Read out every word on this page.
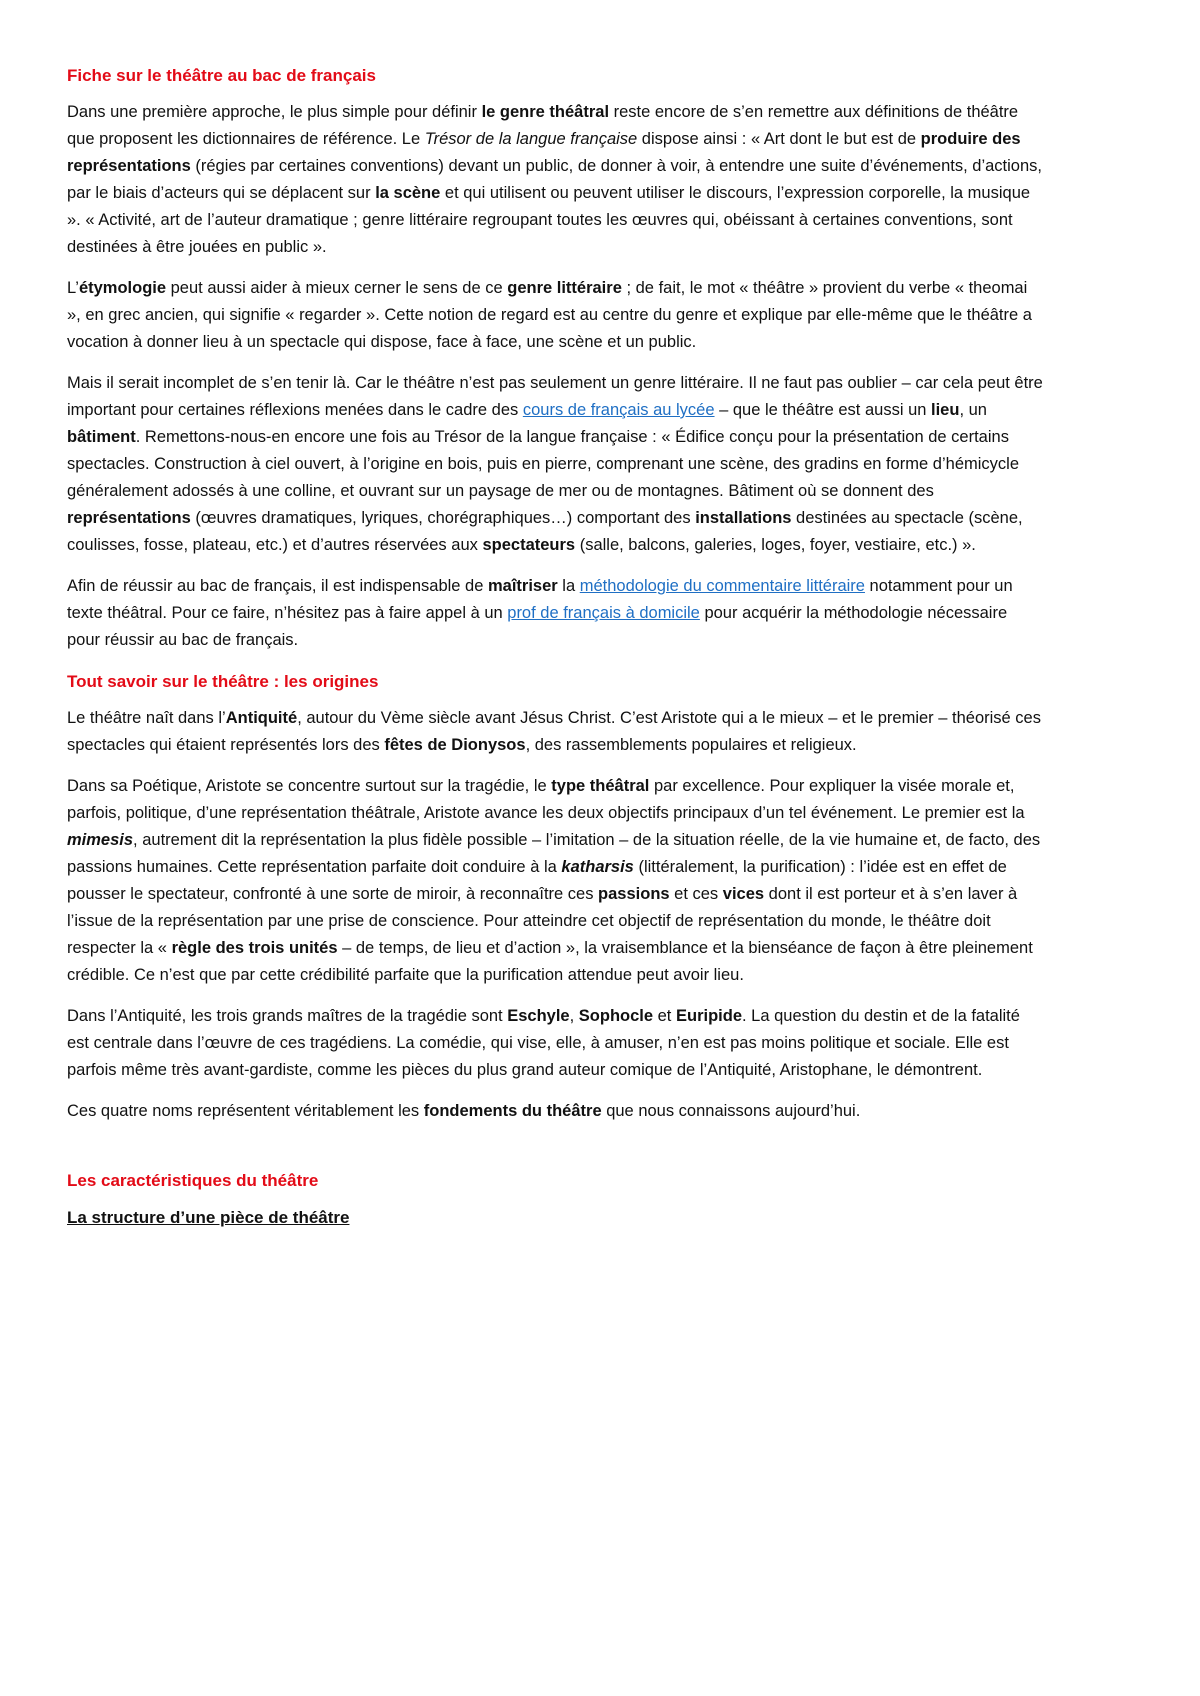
Fiche sur le théâtre au bac de français

Dans une première approche, le plus simple pour définir le genre théâtral reste encore de s’en remettre aux définitions de théâtre que proposent les dictionnaires de référence. Le Trésor de la langue française dispose ainsi : « Art dont le but est de produire des représentations (régies par certaines conventions) devant un public, de donner à voir, à entendre une suite d’événements, d’actions, par le biais d’acteurs qui se déplacent sur la scène et qui utilisent ou peuvent utiliser le discours, l’expression corporelle, la musique ». « Activité, art de l’auteur dramatique ; genre littéraire regroupant toutes les œuvres qui, obéissant à certaines conventions, sont destinées à être jouées en public ».

L’étymologie peut aussi aider à mieux cerner le sens de ce genre littéraire ; de fait, le mot « théâtre » provient du verbe « theomai », en grec ancien, qui signifie « regarder ». Cette notion de regard est au centre du genre et explique par elle-même que le théâtre a vocation à donner lieu à un spectacle qui dispose, face à face, une scène et un public.

Mais il serait incomplet de s’en tenir là. Car le théâtre n’est pas seulement un genre littéraire. Il ne faut pas oublier – car cela peut être important pour certaines réflexions menées dans le cadre des cours de français au lycée – que le théâtre est aussi un lieu, un bâtiment. Remettons-nous-en encore une fois au Trésor de la langue française : « Édifice conçu pour la présentation de certains spectacles. Construction à ciel ouvert, à l’origine en bois, puis en pierre, comprenant une scène, des gradins en forme d’hémicycle généralement adossés à une colline, et ouvrant sur un paysage de mer ou de montagnes. Bâtiment où se donnent des représentations (œuvres dramatiques, lyriques, chorégraphiques…) comportant des installations destinées au spectacle (scène, coulisses, fosse, plateau, etc.) et d’autres réservées aux spectateurs (salle, balcons, galeries, loges, foyer, vestiaire, etc.) ».

Afin de réussir au bac de français, il est indispensable de maîtriser la méthodologie du commentaire littéraire notamment pour un texte théâtral. Pour ce faire, n’hésitez pas à faire appel à un prof de français à domicile pour acquérir la méthodologie nécessaire pour réussir au bac de français.

Tout savoir sur le théâtre : les origines

Le théâtre naît dans l’Antiquité, autour du Vème siècle avant Jésus Christ. C’est Aristote qui a le mieux – et le premier – théorisé ces spectacles qui étaient représentés lors des fêtes de Dionysos, des rassemblements populaires et religieux.

Dans sa Poétique, Aristote se concentre surtout sur la tragédie, le type théâtral par excellence. Pour expliquer la visée morale et, parfois, politique, d’une représentation théâtrale, Aristote avance les deux objectifs principaux d’un tel événement. Le premier est la mimesis, autrement dit la représentation la plus fidèle possible – l’imitation – de la situation réelle, de la vie humaine et, de facto, des passions humaines. Cette représentation parfaite doit conduire à la katharsis (littéralement, la purification) : l’idée est en effet de pousser le spectateur, confronté à une sorte de miroir, à reconnaître ces passions et ces vices dont il est porteur et à s’en laver à l’issue de la représentation par une prise de conscience. Pour atteindre cet objectif de représentation du monde, le théâtre doit respecter la « règle des trois unités – de temps, de lieu et d’action », la vraisemblance et la bienséance de façon à être pleinement crédible. Ce n’est que par cette crédibilité parfaite que la purification attendue peut avoir lieu.

Dans l’Antiquité, les trois grands maîtres de la tragédie sont Eschyle, Sophocle et Euripide. La question du destin et de la fatalité est centrale dans l’œuvre de ces tragédiens. La comédie, qui vise, elle, à amuser, n’en est pas moins politique et sociale. Elle est parfois même très avant-gardiste, comme les pièces du plus grand auteur comique de l’Antiquité, Aristophane, le démontrent.

Ces quatre noms représentent véritablement les fondements du théâtre que nous connaissons aujourd’hui.

Les caractéristiques du théâtre
La structure d’une pièce de théâtre
